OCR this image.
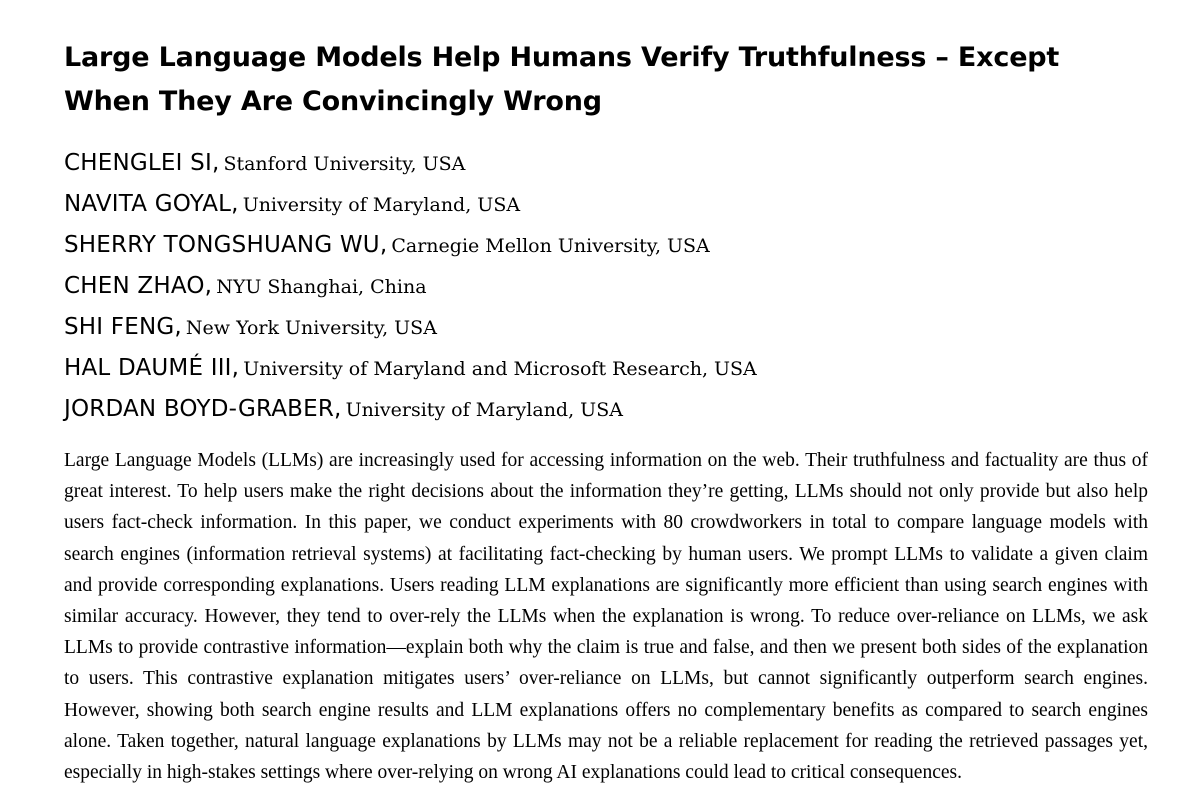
Large Language Models Help Humans Verify Truthfulness – Except When They Are Convincingly Wrong
CHENGLEI SI, Stanford University, USA
NAVITA GOYAL, University of Maryland, USA
SHERRY TONGSHUANG WU, Carnegie Mellon University, USA
CHEN ZHAO, NYU Shanghai, China
SHI FENG, New York University, USA
HAL DAUMÉ III, University of Maryland and Microsoft Research, USA
JORDAN BOYD-GRABER, University of Maryland, USA

Large Language Models (LLMs) are increasingly used for accessing information on the web. Their truthfulness and factuality are thus of great interest. To help users make the right decisions about the information they’re getting, LLMs should not only provide but also help users fact-check information. In this paper, we conduct experiments with 80 crowdworkers in total to compare language models with search engines (information retrieval systems) at facilitating fact-checking by human users. We prompt LLMs to validate a given claim and provide corresponding explanations. Users reading LLM explanations are significantly more efficient than using search engines with similar accuracy. However, they tend to over-rely the LLMs when the explanation is wrong. To reduce over-reliance on LLMs, we ask LLMs to provide contrastive information—explain both why the claim is true and false, and then we present both sides of the explanation to users. This contrastive explanation mitigates users’ over-reliance on LLMs, but cannot significantly outperform search engines. However, showing both search engine results and LLM explanations offers no complementary benefits as compared to search engines alone. Taken together, natural language explanations by LLMs may not be a reliable replacement for reading the retrieved passages yet, especially in high-stakes settings where over-relying on wrong AI explanations could lead to critical consequences.
